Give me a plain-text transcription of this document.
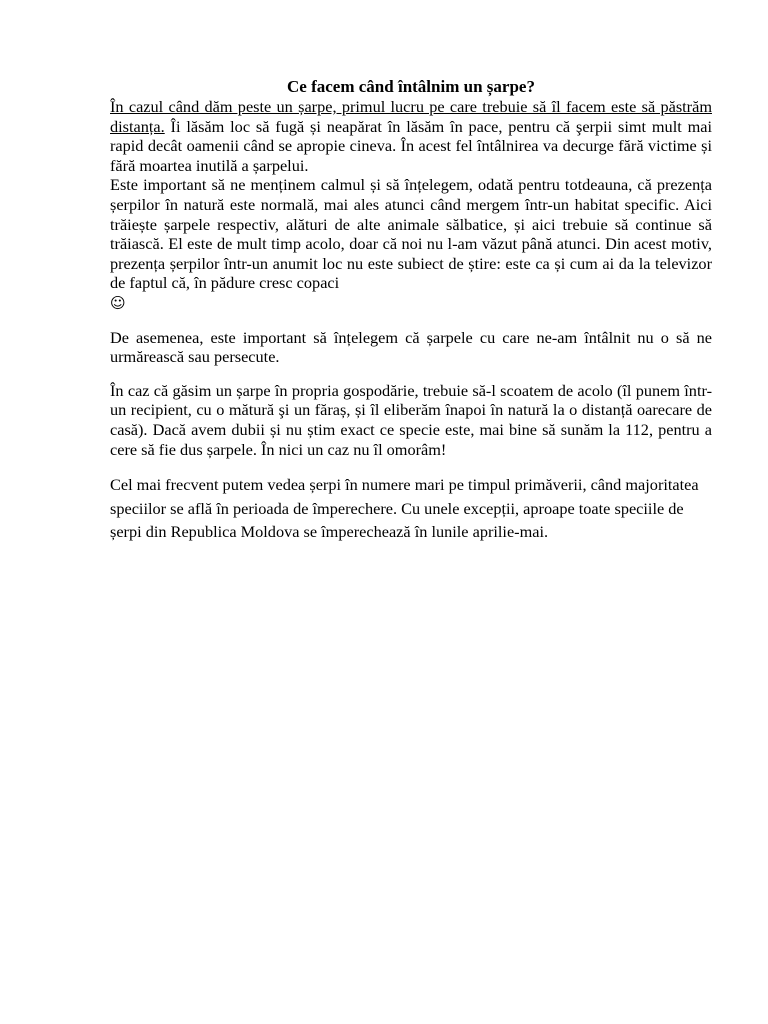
Ce facem când întâlnim un șarpe?

În cazul când dăm peste un șarpe, primul lucru pe care trebuie să îl facem este să păstrăm distanța. Îi lăsăm loc să fugă și neapărat în lăsăm în pace, pentru că şerpii simt mult mai rapid decât oamenii când se apropie cineva. În acest fel întâlnirea va decurge fără victime și fără moartea inutilă a șarpelui.

Este important să ne menținem calmul și să înțelegem, odată pentru totdeauna, că prezența șerpilor în natură este normală, mai ales atunci când mergem într-un habitat specific. Aici trăiește șarpele respectiv, alături de alte animale sălbatice, și aici trebuie să continue să trăiască. El este de mult timp acolo, doar că noi nu l-am văzut până atunci. Din acest motiv, prezența șerpilor într-un anumit loc nu este subiect de știre: este ca și cum ai da la televizor de faptul că, în pădure cresc copaci
☺

De asemenea, este important să înțelegem că șarpele cu care ne-am întâlnit nu o să ne urmărească sau persecute.

În caz că găsim un șarpe în propria gospodărie, trebuie să-l scoatem de acolo (îl punem într-un recipient, cu o mătură şi un făraș, și îl eliberăm înapoi în natură la o distanță oarecare de casă). Dacă avem dubii și nu știm exact ce specie este, mai bine să sunăm la 112, pentru a cere să fie dus șarpele. În nici un caz nu îl omorâm!

Cel mai frecvent putem vedea șerpi în numere mari pe timpul primăverii, când majoritatea speciilor se află în perioada de împerechere. Cu unele excepții, aproape toate speciile de șerpi din Republica Moldova se împerechează în lunile aprilie-mai.
